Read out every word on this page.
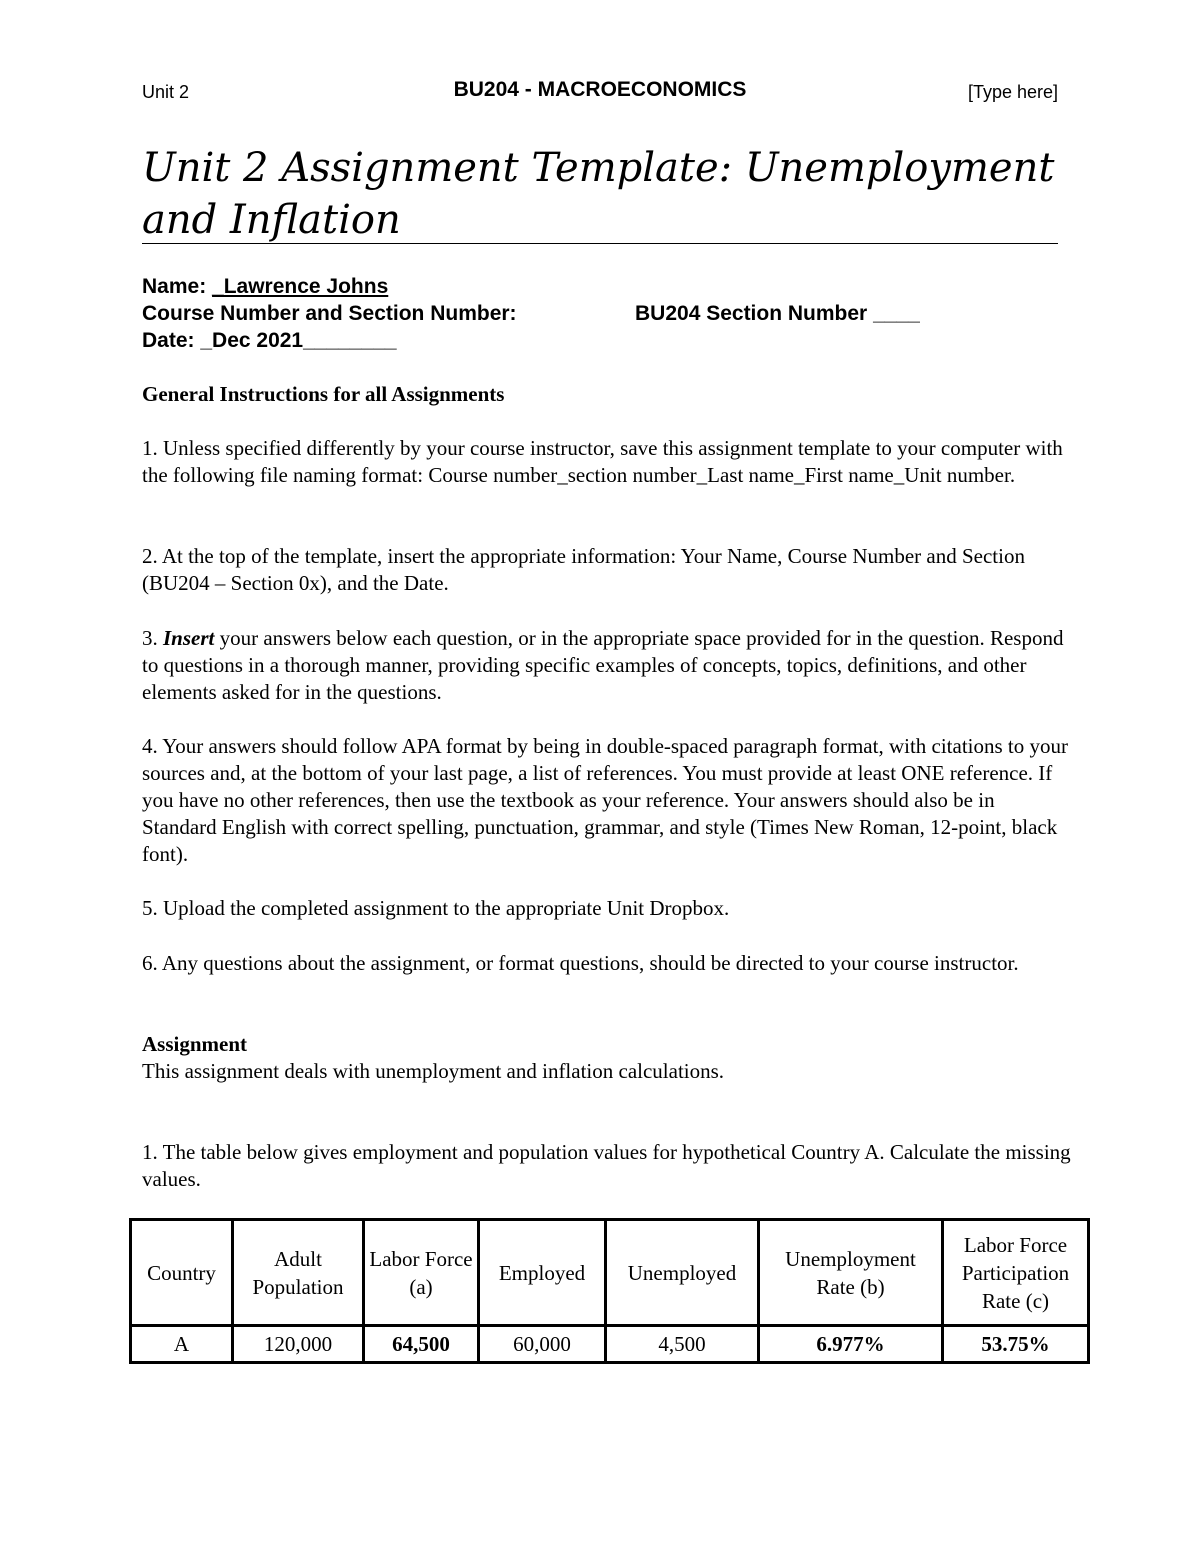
Unit 2	BU204 - MACROECONOMICS	[Type here]
Unit 2 Assignment Template: Unemployment and Inflation
Name: _Lawrence Johns
Course Number and Section Number:	BU204 Section Number ____
Date: _Dec 2021________
General Instructions for all Assignments
1. Unless specified differently by your course instructor, save this assignment template to your computer with the following file naming format: Course number_section number_Last name_First name_Unit number.
2. At the top of the template, insert the appropriate information: Your Name, Course Number and Section (BU204 – Section 0x), and the Date.
3. Insert your answers below each question, or in the appropriate space provided for in the question. Respond to questions in a thorough manner, providing specific examples of concepts, topics, definitions, and other elements asked for in the questions.
4. Your answers should follow APA format by being in double-spaced paragraph format, with citations to your sources and, at the bottom of your last page, a list of references. You must provide at least ONE reference. If you have no other references, then use the textbook as your reference. Your answers should also be in Standard English with correct spelling, punctuation, grammar, and style (Times New Roman, 12-point, black font).
5. Upload the completed assignment to the appropriate Unit Dropbox.
6. Any questions about the assignment, or format questions, should be directed to your course instructor.
Assignment
This assignment deals with unemployment and inflation calculations.
1. The table below gives employment and population values for hypothetical Country A. Calculate the missing values.
Country	Adult Population	Labor Force (a)	Employed	Unemployed	Unemployment Rate (b)	Labor Force Participation Rate (c)
A	120,000	64,500	60,000	4,500	6.977%	53.75%
